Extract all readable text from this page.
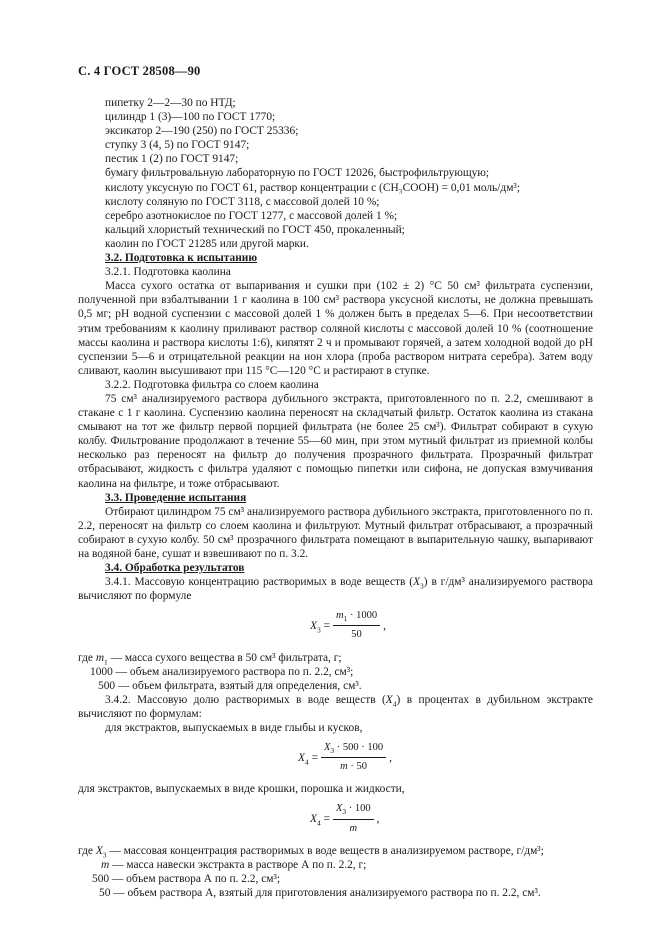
С. 4 ГОСТ 28508—90

пипетку 2—2—30 по НТД;

цилиндр 1 (3)—100 по ГОСТ 1770;

эксикатор 2—190 (250) по ГОСТ 25336;

ступку 3 (4, 5) по ГОСТ 9147;

пестик 1 (2) по ГОСТ 9147;

бумагу фильтровальную лабораторную по ГОСТ 12026, быстрофильтрующую;

кислоту уксусную по ГОСТ 61, раствор концентрации c (CH₃COOH) = 0,01 моль/дм³;

кислоту соляную по ГОСТ 3118, с массовой долей 10 %;

серебро азотнокислое по ГОСТ 1277, с массовой долей 1 %;

кальций хлористый технический по ГОСТ 450, прокаленный;

каолин по ГОСТ 21285 или другой марки.

3.2. Подготовка к испытанию

3.2.1. Подготовка каолина

Масса сухого остатка от выпаривания и сушки при (102 ± 2) °С 50 см³ фильтрата суспензии, полученной при взбалтывании 1 г каолина в 100 см³ раствора уксусной кислоты, не должна превышать 0,5 мг; pH водной суспензии с массовой долей 1 % должен быть в пределах 5—6. При несоответствии этим требованиям к каолину приливают раствор соляной кислоты с массовой долей 10 % (соотношение массы каолина и раствора кислоты 1:6), кипятят 2 ч и промывают горячей, а затем холодной водой до pH суспензии 5—6 и отрицательной реакции на ион хлора (проба раствором нитрата серебра). Затем воду сливают, каолин высушивают при 115 °С—120 °С и растирают в ступке.

3.2.2. Подготовка фильтра со слоем каолина

75 см³ анализируемого раствора дубильного экстракта, приготовленного по п. 2.2, смешивают в стакане с 1 г каолина. Суспензию каолина переносят на складчатый фильтр. Остаток каолина из стакана смывают на тот же фильтр первой порцией фильтрата (не более 25 см³). Фильтрат собирают в сухую колбу. Фильтрование продолжают в течение 55—60 мин, при этом мутный фильтрат из приемной колбы несколько раз переносят на фильтр до получения прозрачного фильтрата. Прозрачный фильтрат отбрасывают, жидкость с фильтра удаляют с помощью пипетки или сифона, не допуская взмучивания каолина на фильтре, и тоже отбрасывают.

3.3. Проведение испытания

Отбирают цилиндром 75 см³ анализируемого раствора дубильного экстракта, приготовленного по п. 2.2, переносят на фильтр со слоем каолина и фильтруют. Мутный фильтрат отбрасывают, а прозрачный собирают в сухую колбу. 50 см³ прозрачного фильтрата помещают в выпарительную чашку, выпаривают на водяной бане, сушат и взвешивают по п. 3.2.

3.4. Обработка результатов

3.4.1. Массовую концентрацию растворимых в воде веществ $(X_3)$ в г/дм³ анализируемого раствора вычисляют по формуле

$X_3 = \frac{m_1 \cdot 1000}{50}$ ,

где $m_1$ — масса сухого вещества в 50 см³ фильтрата, г;

1000 — объем анализируемого раствора по п. 2.2, см³;

500 — объем фильтрата, взятый для определения, см³.

3.4.2. Массовую долю растворимых в воде веществ $(X_4)$ в процентах в дубильном экстракте вычисляют по формулам:

для экстрактов, выпускаемых в виде глыбы и кусков,

$X_4 = \frac{X_3 \cdot 500 \cdot 100}{m \cdot 50}$ ,

для экстрактов, выпускаемых в виде крошки, порошка и жидкости,

$X_4 = \frac{X_3 \cdot 100}{m}$ ,

где $X_3$ — массовая концентрация растворимых в воде веществ в анализируемом растворе, г/дм³;

m — масса навески экстракта в растворе А по п. 2.2, г;

500 — объем раствора А по п. 2.2, см³;

50 — объем раствора А, взятый для приготовления анализируемого раствора по п. 2.2, см³.
